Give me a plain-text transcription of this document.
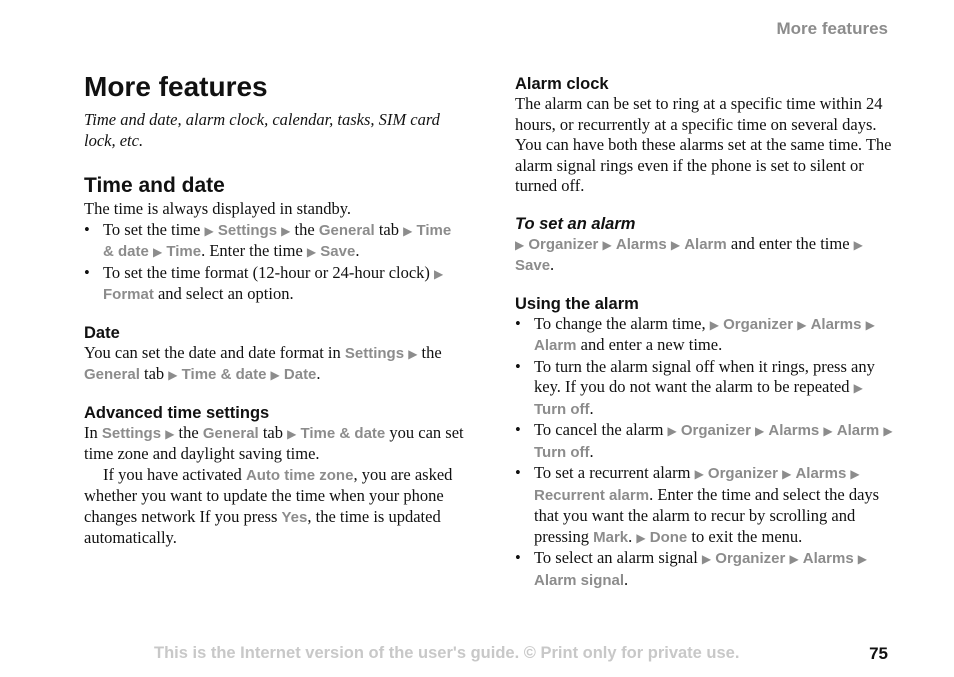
More features
More features

Time and date, alarm clock, calendar, tasks, SIM card lock, etc.

Time and date

The time is always displayed in standby.

• To set the time ▶ Settings ▶ the General tab ▶ Time & date ▶ Time. Enter the time ▶ Save.
• To set the time format (12-hour or 24-hour clock) ▶ Format and select an option.
Date

You can set the date and date format in Settings ▶ the General tab ▶ Time & date ▶ Date.

Advanced time settings

In Settings ▶ the General tab ▶ Time & date you can set time zone and daylight saving time.

If you have activated Auto time zone, you are asked whether you want to update the time when your phone changes network If you press Yes, the time is updated automatically.

Alarm clock

The alarm can be set to ring at a specific time within 24 hours, or recurrently at a specific time on several days. You can have both these alarms set at the same time. The alarm signal rings even if the phone is set to silent or turned off.

To set an alarm

▶ Organizer ▶ Alarms ▶ Alarm and enter the time ▶ Save.

Using the alarm
• To change the alarm time, ▶ Organizer ▶ Alarms ▶ Alarm and enter a new time.
• To turn the alarm signal off when it rings, press any key. If you do not want the alarm to be repeated ▶ Turn off.
• To cancel the alarm ▶ Organizer ▶ Alarms ▶ Alarm ▶ Turn off.
• To set a recurrent alarm ▶ Organizer ▶ Alarms ▶ Recurrent alarm. Enter the time and select the days that you want the alarm to recur by scrolling and pressing Mark. ▶ Done to exit the menu.
• To select an alarm signal ▶ Organizer ▶ Alarms ▶ Alarm signal.
This is the Internet version of the user's guide. © Print only for private use.	75
